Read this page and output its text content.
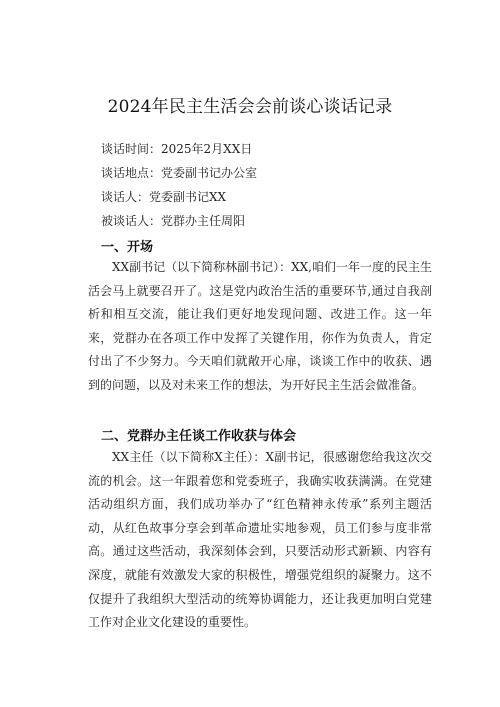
2024年民主生活会会前谈心谈话记录
谈话时间：2025年2月XX日
谈话地点：党委副书记办公室
谈话人：党委副书记XX
被谈话人：党群办主任周阳
一、开场
XX副书记（以下简称林副书记）：XX,咱们一年一度的民主生活会马上就要召开了。这是党内政治生活的重要环节,通过自我剖析和相互交流，能让我们更好地发现问题、改进工作。这一年来，党群办在各项工作中发挥了关键作用，你作为负责人，肯定付出了不少努力。今天咱们就敞开心扉，谈谈工作中的收获、遇到的问题，以及对未来工作的想法，为开好民主生活会做准备。
二、党群办主任谈工作收获与体会
XX主任（以下简称X主任）：X副书记，很感谢您给我这次交流的机会。这一年跟着您和党委班子，我确实收获满满。在党建活动组织方面，我们成功举办了“红色精神永传承”系列主题活动，从红色故事分享会到革命遗址实地参观，员工们参与度非常高。通过这些活动，我深刻体会到，只要活动形式新颖、内容有深度，就能有效激发大家的积极性，增强党组织的凝聚力。这不仅提升了我组织大型活动的统筹协调能力，还让我更加明白党建工作对企业文化建设的重要性。
